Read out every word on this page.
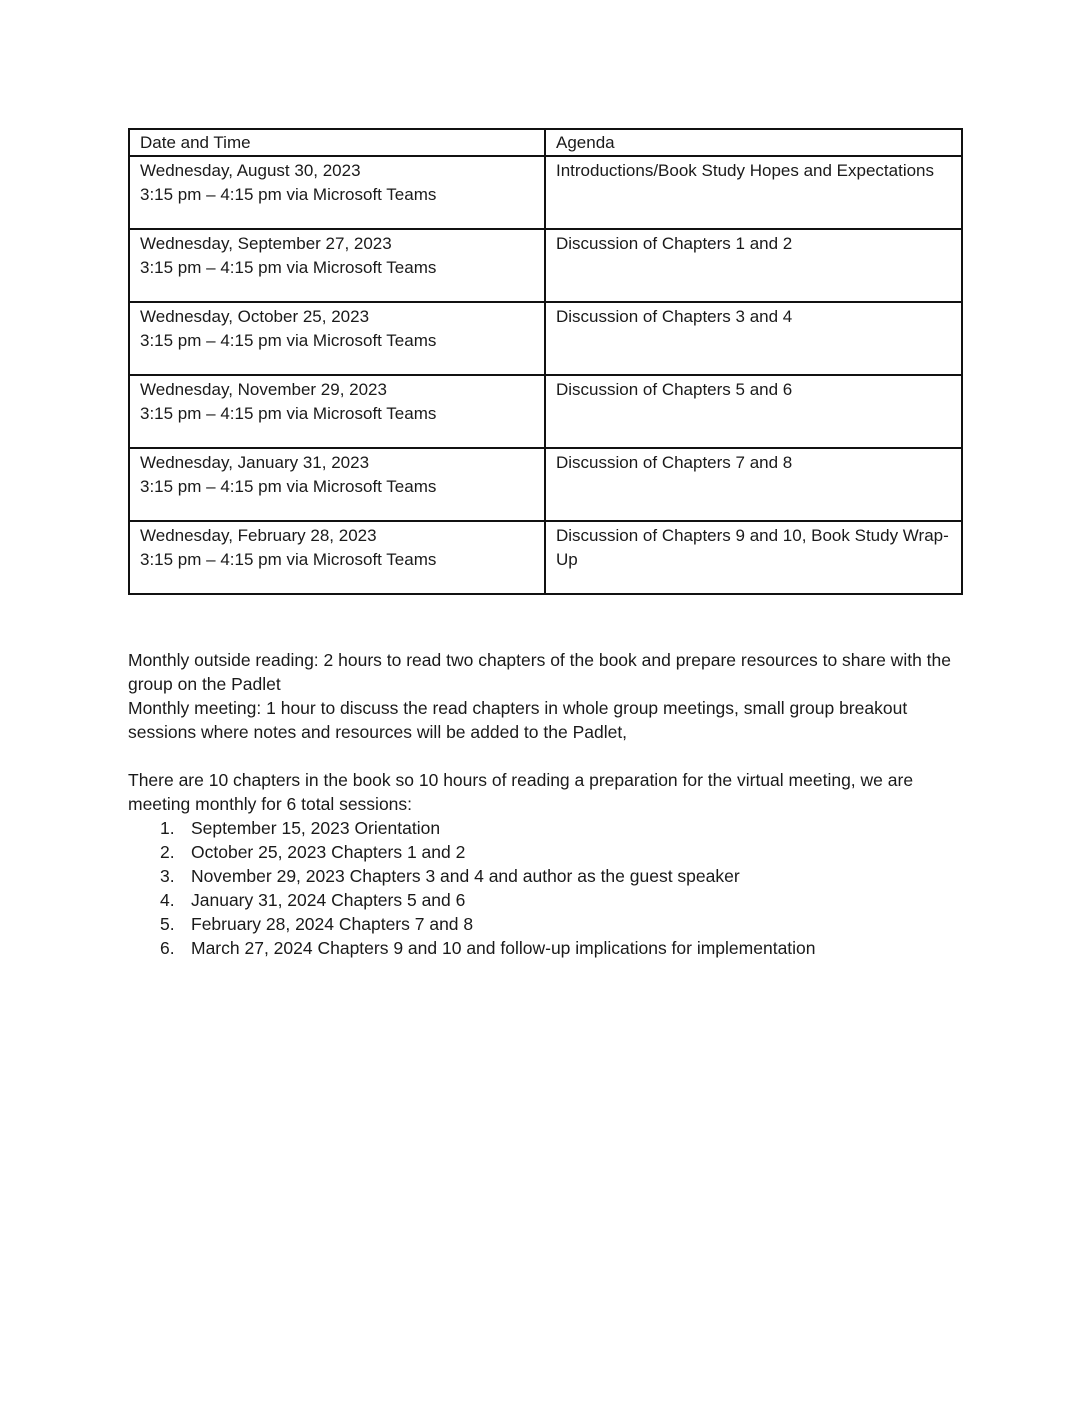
Date and Time	Agenda

Wednesday, August 30, 2023
3:15 pm – 4:15 pm via Microsoft Teams	Introductions/Book Study Hopes and Expectations

Wednesday, September 27, 2023
3:15 pm – 4:15 pm via Microsoft Teams	Discussion of Chapters 1 and 2

Wednesday, October 25, 2023
3:15 pm – 4:15 pm via Microsoft Teams	Discussion of Chapters 3 and 4

Wednesday, November 29, 2023
3:15 pm – 4:15 pm via Microsoft Teams	Discussion of Chapters 5 and 6

Wednesday, January 31, 2023
3:15 pm – 4:15 pm via Microsoft Teams	Discussion of Chapters 7 and 8

Wednesday, February 28, 2023
3:15 pm – 4:15 pm via Microsoft Teams	Discussion of Chapters 9 and 10, Book Study Wrap-Up

Monthly outside reading: 2 hours to read two chapters of the book and prepare resources to share with the group on the Padlet

Monthly meeting: 1 hour to discuss the read chapters in whole group meetings, small group breakout sessions where notes and resources will be added to the Padlet,

There are 10 chapters in the book so 10 hours of reading a preparation for the virtual meeting, we are meeting monthly for 6 total sessions:

1. September 15, 2023 Orientation
2. October 25, 2023 Chapters 1 and 2
3. November 29, 2023 Chapters 3 and 4 and author as the guest speaker
4. January 31, 2024 Chapters 5 and 6
5. February 28, 2024 Chapters 7 and 8
6. March 27, 2024 Chapters 9 and 10 and follow-up implications for implementation
